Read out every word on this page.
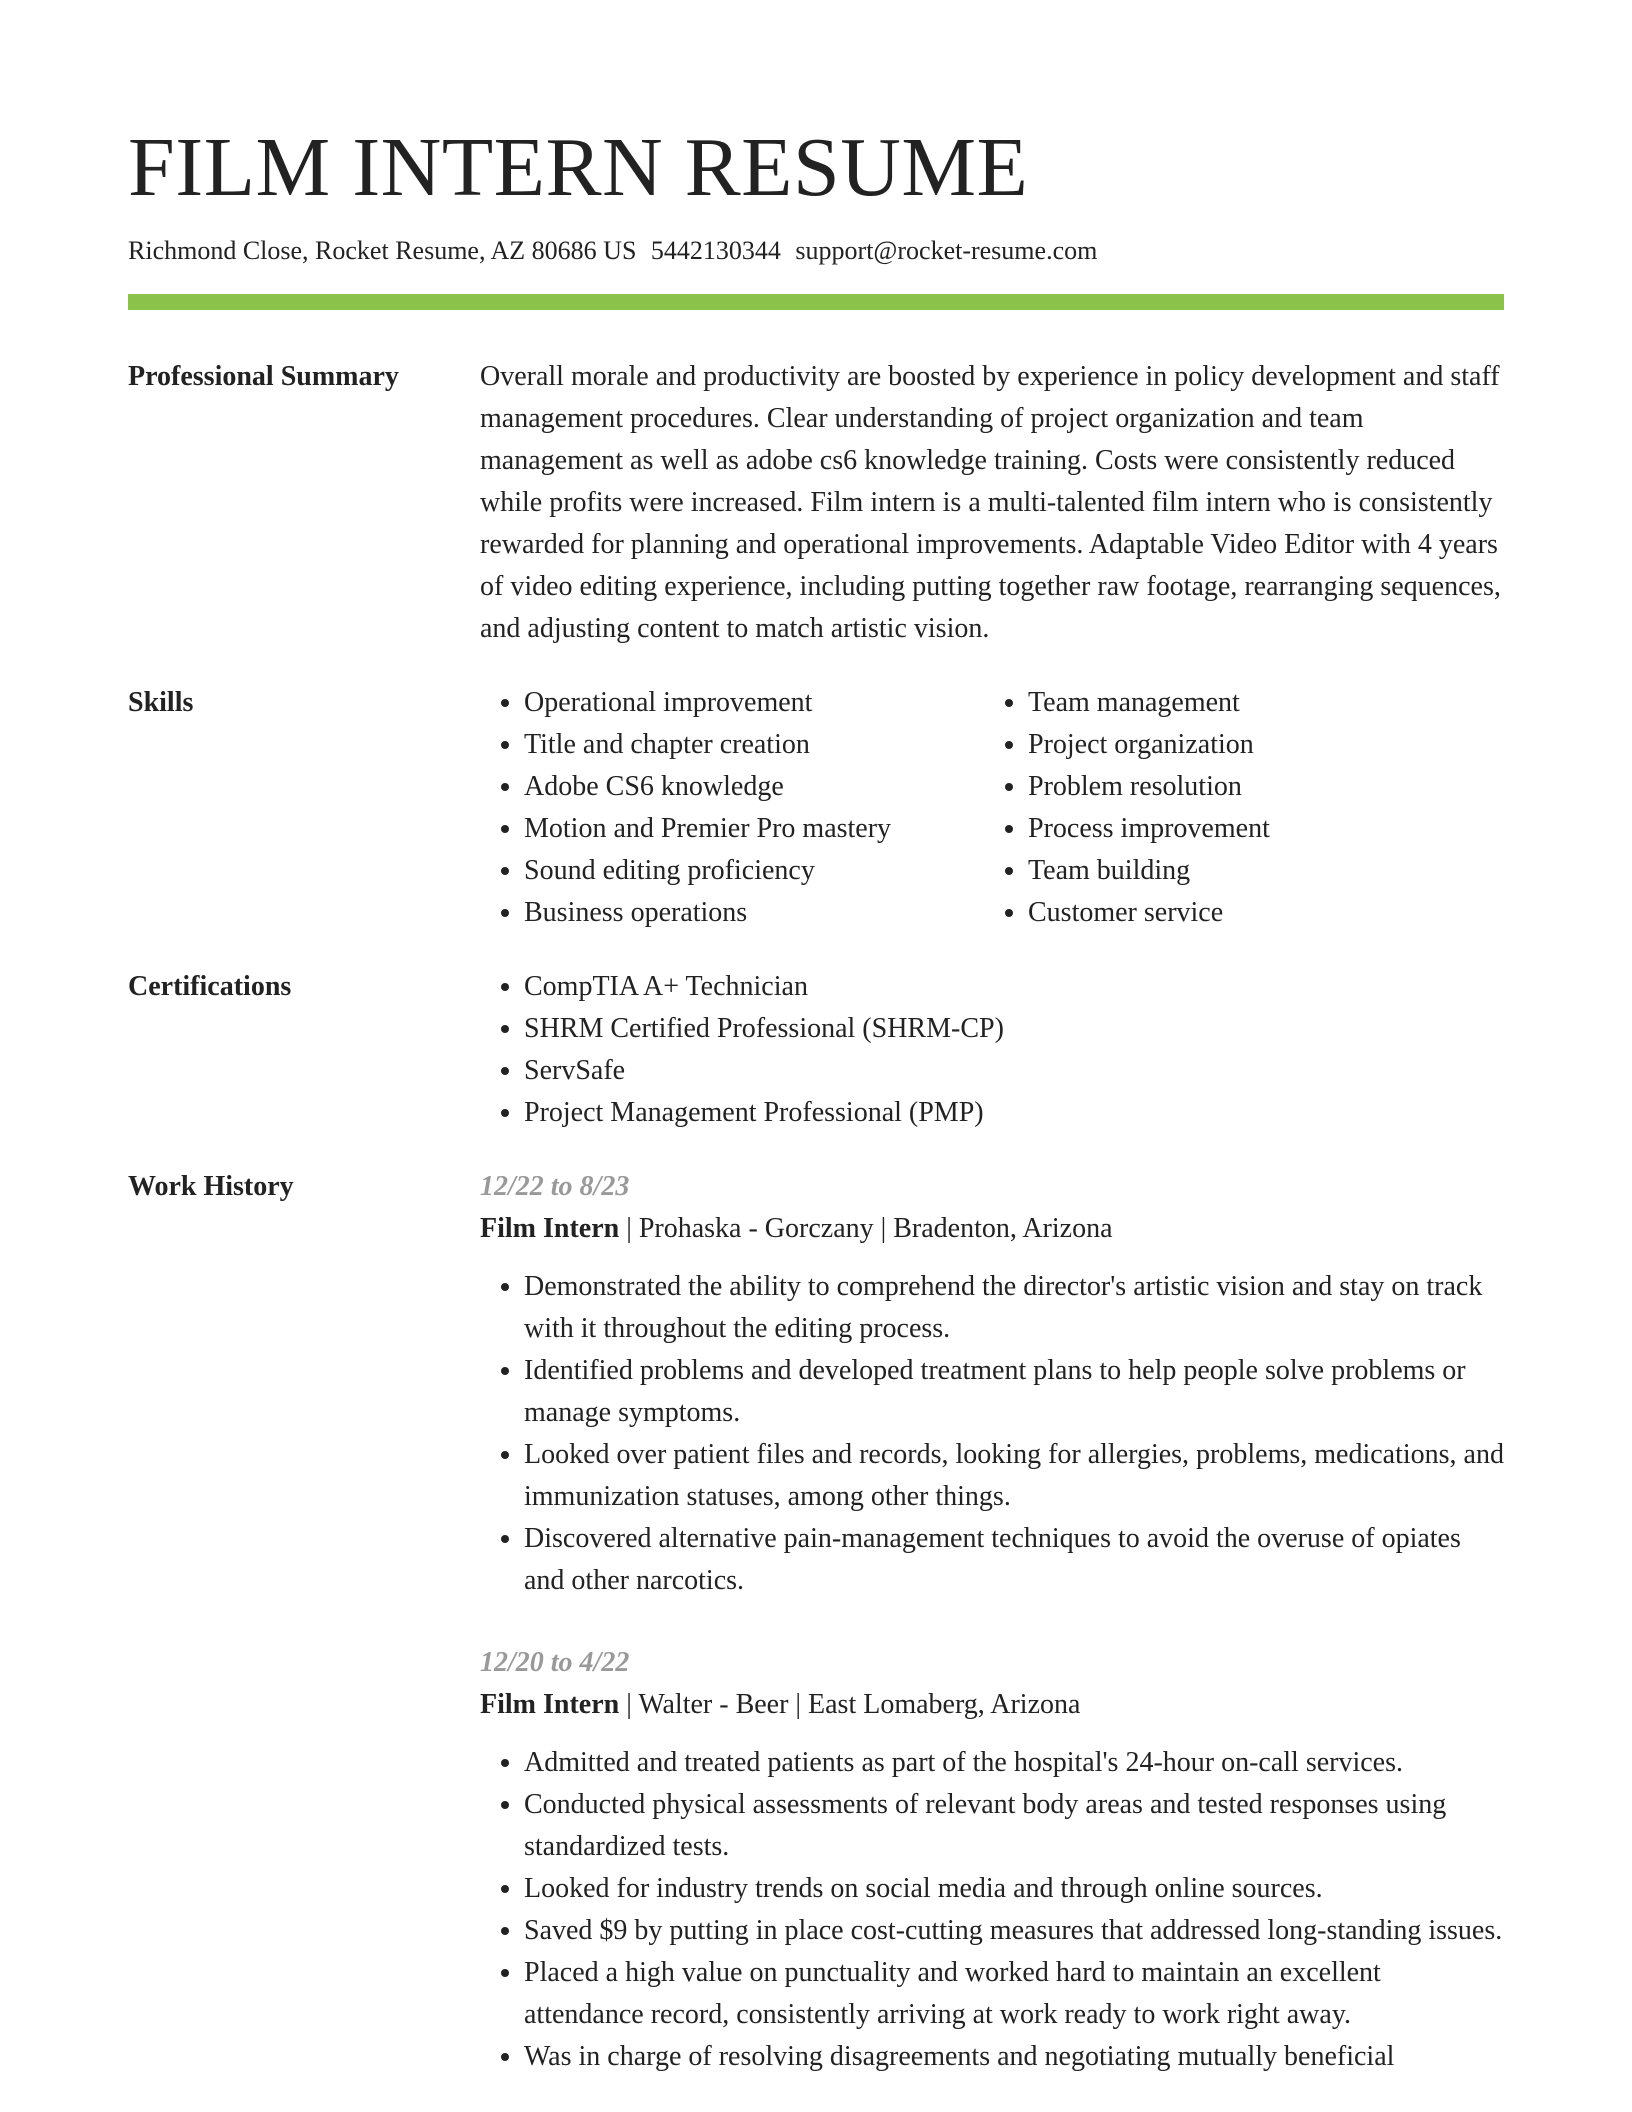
FILM INTERN RESUME
Richmond Close, Rocket Resume, AZ 80686 US 5442130344 support@rocket-resume.com
Professional Summary	Overall morale and productivity are boosted by experience in policy development and staff management procedures. Clear understanding of project organization and team management as well as adobe cs6 knowledge training. Costs were consistently reduced while profits were increased. Film intern is a multi-talented film intern who is consistently rewarded for planning and operational improvements. Adaptable Video Editor with 4 years of video editing experience, including putting together raw footage, rearranging sequences, and adjusting content to match artistic vision.

Skills	• Operational improvement
• Title and chapter creation
• Adobe CS6 knowledge
• Motion and Premier Pro mastery
• Sound editing proficiency
• Business operations
• Team management
• Project organization
• Problem resolution
• Process improvement
• Team building
• Customer service
Certifications	• CompTIA A+ Technician
• SHRM Certified Professional (SHRM-CP)
• ServSafe
• Project Management Professional (PMP)
Work History	12/22 to 8/23
Film Intern | Prohaska - Gorczany | Bradenton, Arizona
• Demonstrated the ability to comprehend the director's artistic vision and stay on track with it throughout the editing process.
• Identified problems and developed treatment plans to help people solve problems or manage symptoms.
• Looked over patient files and records, looking for allergies, problems, medications, and immunization statuses, among other things.
• Discovered alternative pain-management techniques to avoid the overuse of opiates and other narcotics.
12/20 to 4/22
Film Intern | Walter - Beer | East Lomaberg, Arizona
• Admitted and treated patients as part of the hospital's 24-hour on-call services.
• Conducted physical assessments of relevant body areas and tested responses using standardized tests.
• Looked for industry trends on social media and through online sources.
• Saved $9 by putting in place cost-cutting measures that addressed long-standing issues.
• Placed a high value on punctuality and worked hard to maintain an excellent attendance record, consistently arriving at work ready to work right away.
• Was in charge of resolving disagreements and negotiating mutually beneficial
